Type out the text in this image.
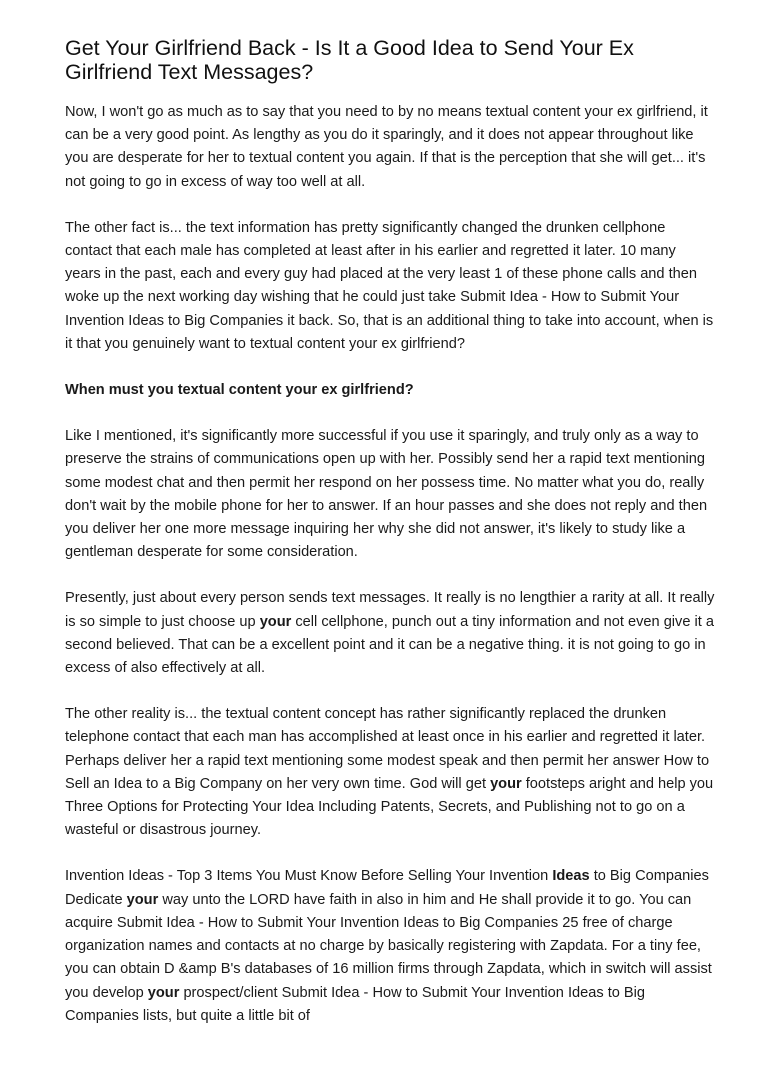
Get Your Girlfriend Back - Is It a Good Idea to Send Your Ex Girlfriend Text Messages?

Now, I won't go as much as to say that you need to by no means textual content your ex girlfriend, it can be a very good point. As lengthy as you do it sparingly, and it does not appear throughout like you are desperate for her to textual content you again. If that is the perception that she will get... it's not going to go in excess of way too well at all.

The other fact is... the text information has pretty significantly changed the drunken cellphone contact that each male has completed at least after in his earlier and regretted it later. 10 many years in the past, each and every guy had placed at the very least 1 of these phone calls and then woke up the next working day wishing that he could just take Submit Idea - How to Submit Your Invention Ideas to Big Companies it back. So, that is an additional thing to take into account, when is it that you genuinely want to textual content your ex girlfriend?

When must you textual content your ex girlfriend?

Like I mentioned, it's significantly more successful if you use it sparingly, and truly only as a way to preserve the strains of communications open up with her. Possibly send her a rapid text mentioning some modest chat and then permit her respond on her possess time. No matter what you do, really don't wait by the mobile phone for her to answer. If an hour passes and she does not reply and then you deliver her one more message inquiring her why she did not answer, it's likely to study like a gentleman desperate for some consideration.

Presently, just about every person sends text messages. It really is no lengthier a rarity at all. It really is so simple to just choose up your cell cellphone, punch out a tiny information and not even give it a second believed. That can be a excellent point and it can be a negative thing. it is not going to go in excess of also effectively at all.

The other reality is... the textual content concept has rather significantly replaced the drunken telephone contact that each man has accomplished at least once in his earlier and regretted it later. Perhaps deliver her a rapid text mentioning some modest speak and then permit her answer How to Sell an Idea to a Big Company on her very own time. God will get your footsteps aright and help you Three Options for Protecting Your Idea Including Patents, Secrets, and Publishing not to go on a wasteful or disastrous journey.

Invention Ideas - Top 3 Items You Must Know Before Selling Your Invention Ideas to Big Companies Dedicate your way unto the LORD have faith in also in him and He shall provide it to go. You can acquire Submit Idea - How to Submit Your Invention Ideas to Big Companies 25 free of charge organization names and contacts at no charge by basically registering with Zapdata. For a tiny fee, you can obtain D &amp B's databases of 16 million firms through Zapdata, which in switch will assist you develop your prospect/client Submit Idea - How to Submit Your Invention Ideas to Big Companies lists, but quite a little bit of
